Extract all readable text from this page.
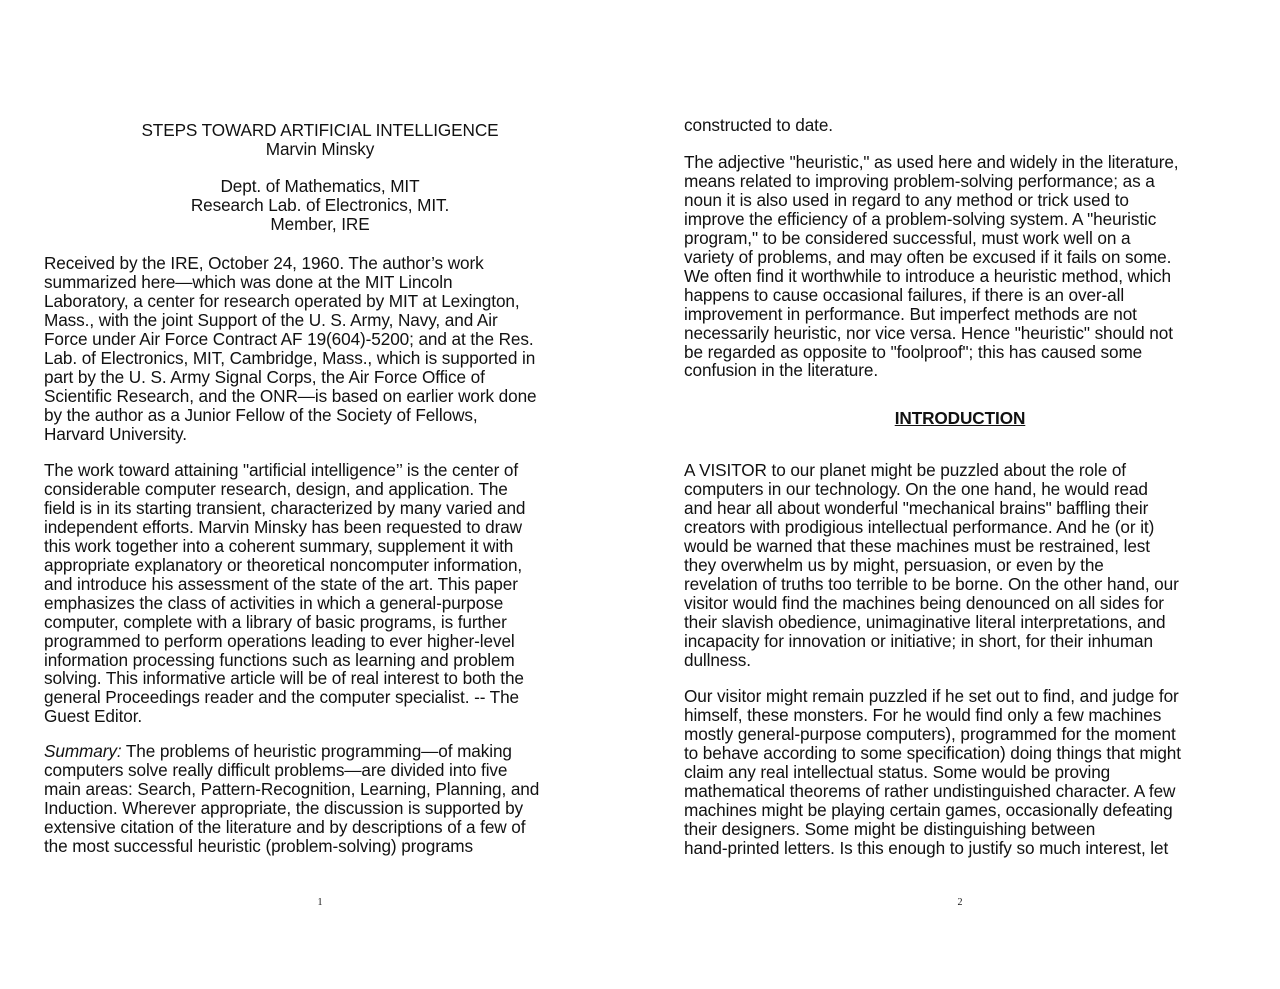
STEPS TOWARD ARTIFICIAL INTELLIGENCE
Marvin Minsky
Dept. of Mathematics, MIT
Research Lab. of Electronics, MIT.
Member, IRE
Received by the IRE, October 24, 1960. The author’s work
summarized here—which was done at the MIT Lincoln
Laboratory, a center for research operated by MIT at Lexington,
Mass., with the joint Support of the U. S. Army, Navy, and Air
Force under Air Force Contract AF 19(604)-5200; and at the Res.
Lab. of Electronics, MIT, Cambridge, Mass., which is supported in
part by the U. S. Army Signal Corps, the Air Force Office of
Scientific Research, and the ONR—is based on earlier work done
by the author as a Junior Fellow of the Society of Fellows,
Harvard University.
The work toward attaining "artificial intelligence’’ is the center of
considerable computer research, design, and application. The
field is in its starting transient, characterized by many varied and
independent efforts. Marvin Minsky has been requested to draw
this work together into a coherent summary, supplement it with
appropriate explanatory or theoretical noncomputer information,
and introduce his assessment of the state of the art. This paper
emphasizes the class of activities in which a general-purpose
computer, complete with a library of basic programs, is further
programmed to perform operations leading to ever higher-level
information processing functions such as learning and problem
solving. This informative article will be of real interest to both the
general Proceedings reader and the computer specialist. -- The
Guest Editor.
Summary: The problems of heuristic programming—of making
computers solve really difficult problems—are divided into five
main areas: Search, Pattern-Recognition, Learning, Planning, and
Induction. Wherever appropriate, the discussion is supported by
extensive citation of the literature and by descriptions of a few of
the most successful heuristic (problem-solving) programs
1
constructed to date.
The adjective "heuristic," as used here and widely in the literature,
means related to improving problem-solving performance; as a
noun it is also used in regard to any method or trick used to
improve the efficiency of a problem-solving system. A "heuristic
program," to be considered successful, must work well on a
variety of problems, and may often be excused if it fails on some.
We often find it worthwhile to introduce a heuristic method, which
happens to cause occasional failures, if there is an over-all
improvement in performance. But imperfect methods are not
necessarily heuristic, nor vice versa. Hence "heuristic" should not
be regarded as opposite to "foolproof"; this has caused some
confusion in the literature.
INTRODUCTION
A VISITOR to our planet might be puzzled about the role of
computers in our technology. On the one hand, he would read
and hear all about wonderful "mechanical brains" baffling their
creators with prodigious intellectual performance. And he (or it)
would be warned that these machines must be restrained, lest
they overwhelm us by might, persuasion, or even by the
revelation of truths too terrible to be borne. On the other hand, our
visitor would find the machines being denounced on all sides for
their slavish obedience, unimaginative literal interpretations, and
incapacity for innovation or initiative; in short, for their inhuman
dullness.
Our visitor might remain puzzled if he set out to find, and judge for
himself, these monsters. For he would find only a few machines
mostly general-purpose computers), programmed for the moment
to behave according to some specification) doing things that might
claim any real intellectual status. Some would be proving
mathematical theorems of rather undistinguished character. A few
machines might be playing certain games, occasionally defeating
their designers. Some might be distinguishing between
hand-printed letters. Is this enough to justify so much interest, let
2
